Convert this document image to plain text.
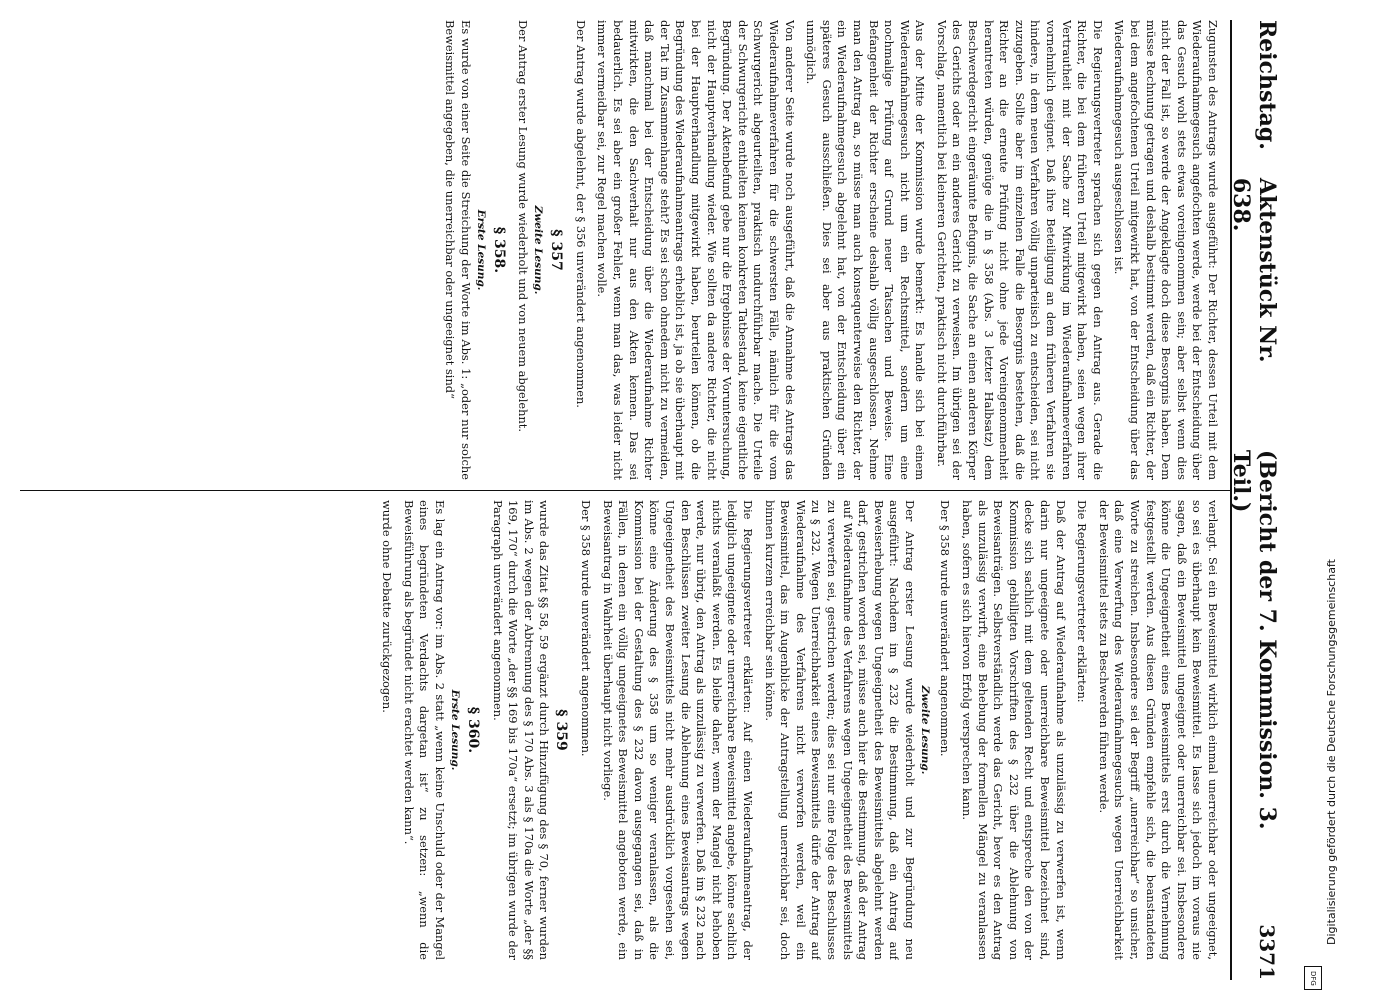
Reichstag.
Aktenstück Nr. 638.
(Bericht der 7. Kommission. 3. Teil.)
3371

Zugunsten des Antrags wurde ausgeführt: Der Richter, dessen Urteil mit dem Wiederaufnahmegesuch angefochten werde, werde bei der Entscheidung über das Gesuch wohl stets etwas voreingenommen sein; aber selbst wenn dies nicht der Fall ist, so werde der Angeklagte doch diese Besorgnis haben. Dem müsse Rechnung getragen und deshalb bestimmt werden, daß ein Richter, der bei dem angefochtenen Urteil mitgewirkt hat, von der Entscheidung über das Wiederaufnahmegesuch ausgeschlossen ist.

Die Regierungsvertreter sprachen sich gegen den Antrag aus. Gerade die Richter, die bei dem früheren Urteil mitgewirkt haben, seien wegen ihrer Vertrautheit mit der Sache zur Mitwirkung im Wiederaufnahmeverfahren vornehmlich geeignet. Daß ihre Beteiligung an dem früheren Verfahren sie hindere, in dem neuen Verfahren völlig unparteiisch zu entscheiden, sei nicht zuzugeben. Sollte aber im einzelnen Falle die Besorgnis bestehen, daß die Richter an die erneute Prüfung nicht ohne jede Voreingenommenheit herantreten würden, genüge die in § 358 (Abs. 3 letzter Halbsatz) dem Beschwerdegericht eingeräumte Befugnis, die Sache an einen anderen Körper des Gerichts oder an ein anderes Gericht zu verweisen. Im übrigen sei der Vorschlag, namentlich bei kleineren Gerichten, praktisch nicht durchführbar.

Aus der Mitte der Kommission wurde bemerkt: Es handle sich bei einem Wiederaufnahmegesuch nicht um ein Rechtsmittel, sondern um eine nochmalige Prüfung auf Grund neuer Tatsachen und Beweise. Eine Befangenheit der Richter erscheine deshalb völlig ausgeschlossen. Nehme man den Antrag an, so müsse man auch konsequenterweise den Richter, der ein Wiederaufnahmegesuch abgelehnt hat, von der Entscheidung über ein späteres Gesuch ausschließen. Dies sei aber aus praktischen Gründen unmöglich.

Von anderer Seite wurde noch ausgeführt, daß die Annahme des Antrags das Wiederaufnahmeverfahren für die schwersten Fälle, nämlich für die vom Schwurgericht abgeurteilten, praktisch undurchführbar mache. Die Urteile der Schwurgerichte enthielten keinen konkreten Tatbestand, keine eigentliche Begründung. Der Aktenbefund gebe nur die Ergebnisse der Voruntersuchung, nicht der Hauptverhandlung wieder. Wie sollten da andere Richter, die nicht bei der Hauptverhandlung mitgewirkt haben, beurteilen können, ob die Begründung des Wiederaufnahmeantrags erheblich ist, ja ob sie überhaupt mit der Tat im Zusammenhange steht? Es sei schon ohnedem nicht zu vermeiden, daß manchmal bei der Entscheidung über die Wiederaufnahme Richter mitwirkten, die den Sachverhalt nur aus den Akten kennen. Das sei bedauerlich. Es sei aber ein großer Fehler, wenn man das, was leider nicht immer vermeidbar sei, zur Regel machen wolle.

Der Antrag wurde abgelehnt, der § 356 unverändert angenommen.

§ 357
Zweite Lesung.

Der Antrag erster Lesung wurde wiederholt und von neuem abgelehnt.

§ 358.
Erste Lesung.

Es wurde von einer Seite die Streichung der Worte im Abs. 1: „oder nur solche Beweismittel angegeben, die unerreichbar oder ungeeignet sind“

verlangt. Sei ein Beweismittel wirklich einmal unerreichbar oder ungeeignet, so sei es überhaupt kein Beweismittel. Es lasse sich jedoch im voraus nie sagen, daß ein Beweismittel ungeeignet oder unerreichbar sei. Insbesondere könne die Ungeeignetheit eines Beweismittels erst durch die Vernehmung festgestellt werden. Aus diesen Gründen empfehle sich, die beanstandeten Worte zu streichen. Insbesondere sei der Begriff „unerreichbar“ so unsicher, daß eine Verwerfung des Wiederaufnahmegesuchs wegen Unerreichbarkeit der Beweismittel stets zu Beschwerden führen werde.

Die Regierungsvertreter erklärten:

Daß der Antrag auf Wiederaufnahme als unzulässig zu verwerfen ist, wenn darin nur ungeeignete oder unerreichbare Beweismittel bezeichnet sind, decke sich sachlich mit dem geltenden Recht und entspreche den von der Kommission gebilligten Vorschriften des § 232 über die Ablehnung von Beweisanträgen. Selbstverständlich werde das Gericht, bevor es den Antrag als unzulässig verwirft, eine Behebung der formellen Mängel zu veranlassen haben, sofern es sich hiervon Erfolg versprechen kann.

Der § 358 wurde unverändert angenommen.

Zweite Lesung.

Der Antrag erster Lesung wurde wiederholt und zur Begründung neu ausgeführt: Nachdem im § 232 die Bestimmung, daß ein Antrag auf Beweiserhebung wegen Ungeeignetheit des Beweismittels abgelehnt werden darf, gestrichen worden sei, müsse auch hier die Bestimmung, daß der Antrag auf Wiederaufnahme des Verfahrens wegen Ungeeignetheit des Beweismittels zu verwerfen sei, gestrichen werden; dies sei nur eine Folge des Beschlusses zu § 232. Wegen Unerreichbarkeit eines Beweismittels dürfe der Antrag auf Wiederaufnahme des Verfahrens nicht verworfen werden, weil ein Beweismittel, das im Augenblicke der Antragstellung unerreichbar sei, doch binnen kurzem erreichbar sein könne.

Die Regierungsvertreter erklärten: Auf einen Wiederaufnahmeantrag, der lediglich ungeeignete oder unerreichbare Beweismittel angebe, könne sachlich nichts veranlaßt werden. Es bleibe daher, wenn der Mangel nicht behoben werde, nur übrig, den Antrag als unzulässig zu verwerfen. Daß im § 232 nach den Beschlüssen zweiter Lesung die Ablehnung eines Beweisantrags wegen Ungeeignetheit des Beweismittels nicht mehr ausdrücklich vorgesehen sei, könne eine Änderung des § 358 um so weniger veranlassen, als die Kommission bei der Gestaltung des § 232 davon ausgegangen sei, daß in Fällen, in denen ein völlig ungeeignetes Beweismittel angeboten werde, ein Beweisantrag in Wahrheit überhaupt nicht vorliege.

Der § 358 wurde unverändert angenommen.

§ 359

wurde das Zitat §§ 58, 59 ergänzt durch Hinzufügung des § 70, ferner wurden im Abs. 2 wegen der Abtrennung des § 170 Abs. 3 als § 170a die Worte „der §§ 169, 170“ durch die Worte „der §§ 169 bis 170a“ ersetzt; im übrigen wurde der Paragraph unverändert angenommen.

§ 360.
Erste Lesung.

Es lag ein Antrag vor: im Abs. 2 statt „wenn keine Unschuld oder der Mangel eines begründeten Verdachts dargetan ist“ zu setzen: „wenn die Beweisführung als begründet nicht erachtet werden kann“.

wurde ohne Debatte zurückgezogen.	Digitalisierung gefördert durch die Deutsche Forschungsgemeinschaft
DFG
